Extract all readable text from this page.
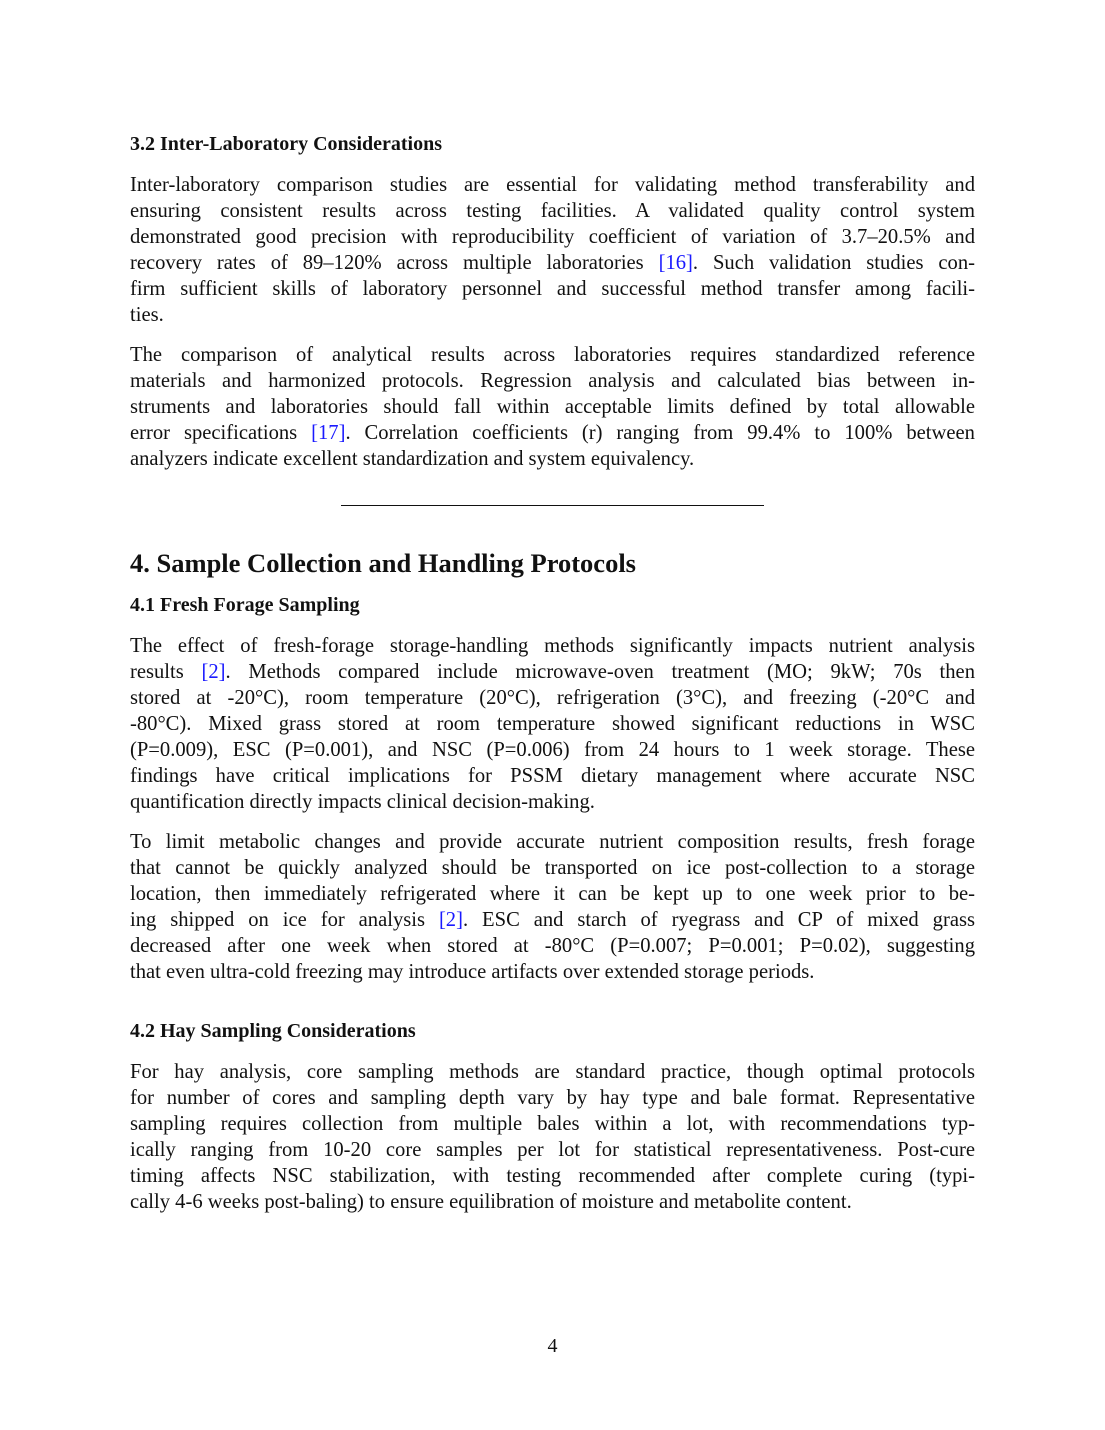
3.2 Inter-Laboratory Considerations
Inter-laboratory comparison studies are essential for validating method transferability and
ensuring consistent results across testing facilities. A validated quality control system
demonstrated good precision with reproducibility coefficient of variation of 3.7–20.5% and
recovery rates of 89–120% across multiple laboratories [16]. Such validation studies con-
firm sufficient skills of laboratory personnel and successful method transfer among facili-
ties.
The comparison of analytical results across laboratories requires standardized reference
materials and harmonized protocols. Regression analysis and calculated bias between in-
struments and laboratories should fall within acceptable limits defined by total allowable
error specifications [17]. Correlation coefficients (r) ranging from 99.4% to 100% between
analyzers indicate excellent standardization and system equivalency.
4. Sample Collection and Handling Protocols
4.1 Fresh Forage Sampling
The effect of fresh-forage storage-handling methods significantly impacts nutrient analysis
results [2]. Methods compared include microwave-oven treatment (MO; 9kW; 70s then
stored at -20°C), room temperature (20°C), refrigeration (3°C), and freezing (-20°C and
-80°C). Mixed grass stored at room temperature showed significant reductions in WSC
(P=0.009), ESC (P=0.001), and NSC (P=0.006) from 24 hours to 1 week storage. These
findings have critical implications for PSSM dietary management where accurate NSC
quantification directly impacts clinical decision-making.
To limit metabolic changes and provide accurate nutrient composition results, fresh forage
that cannot be quickly analyzed should be transported on ice post-collection to a storage
location, then immediately refrigerated where it can be kept up to one week prior to be-
ing shipped on ice for analysis [2]. ESC and starch of ryegrass and CP of mixed grass
decreased after one week when stored at -80°C (P=0.007; P=0.001; P=0.02), suggesting
that even ultra-cold freezing may introduce artifacts over extended storage periods.
4.2 Hay Sampling Considerations
For hay analysis, core sampling methods are standard practice, though optimal protocols
for number of cores and sampling depth vary by hay type and bale format. Representative
sampling requires collection from multiple bales within a lot, with recommendations typ-
ically ranging from 10-20 core samples per lot for statistical representativeness. Post-cure
timing affects NSC stabilization, with testing recommended after complete curing (typi-
cally 4-6 weeks post-baling) to ensure equilibration of moisture and metabolite content.
4
